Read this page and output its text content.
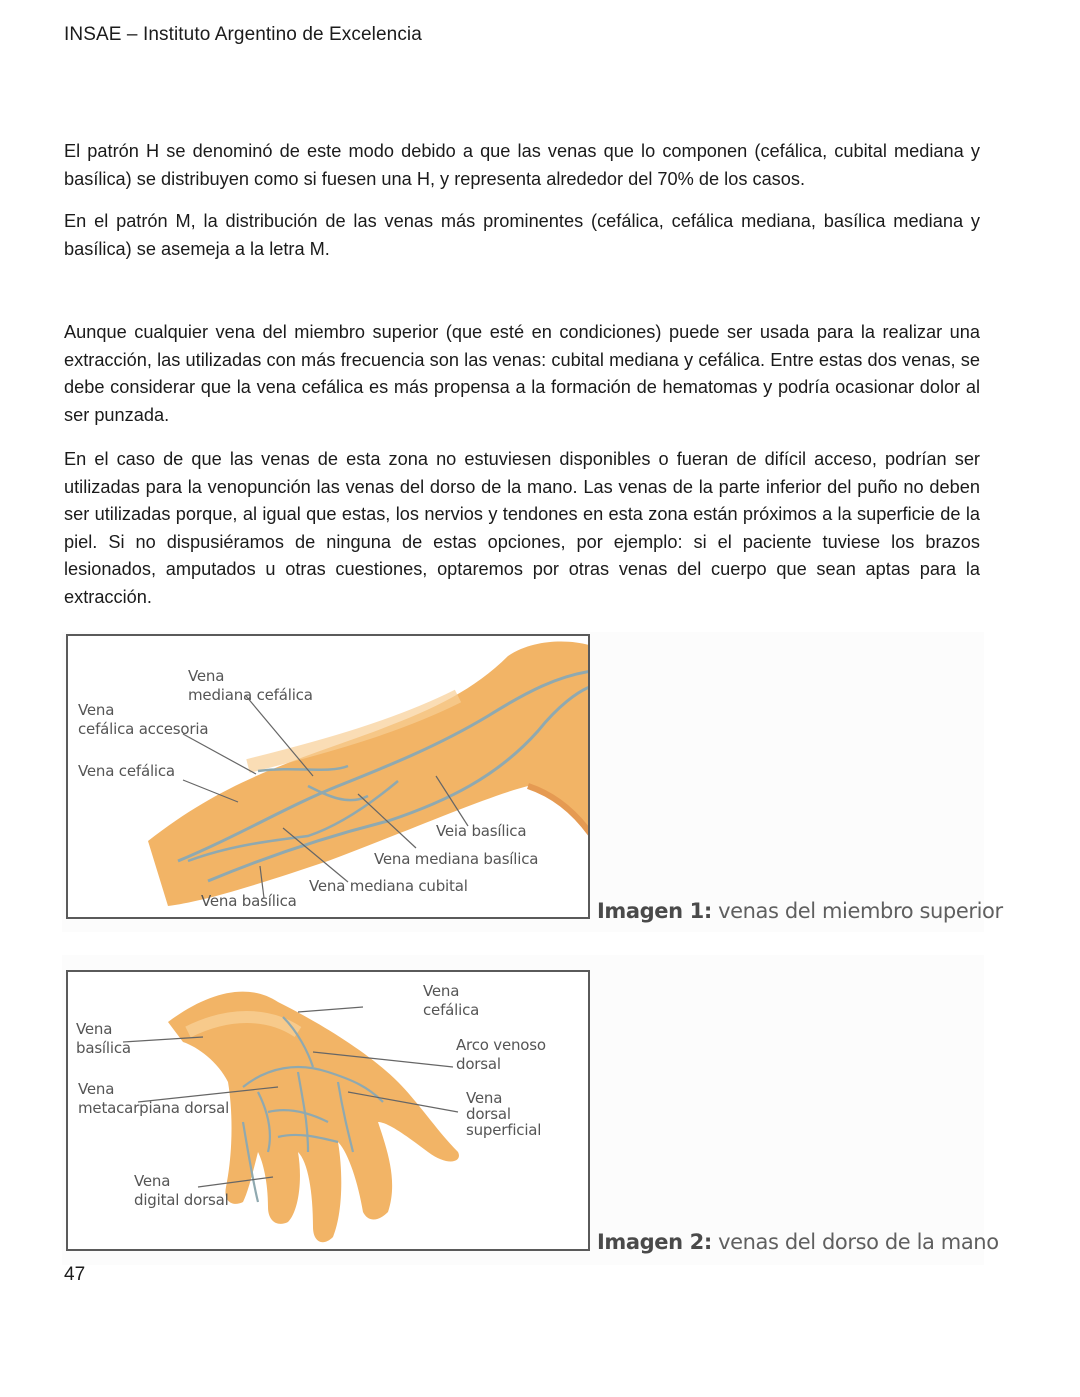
INSAE – Instituto Argentino de Excelencia

El patrón H se denominó de este modo debido a que las venas que lo componen (cefálica, cubital mediana y basílica) se distribuyen como si fuesen una H, y representa alrededor del 70% de los casos.

En el patrón M, la distribución de las venas más prominentes (cefálica, cefálica mediana, basílica mediana y basílica) se asemeja a la letra M.

Aunque cualquier vena del miembro superior (que esté en condiciones) puede ser usada para la realizar una extracción, las utilizadas con más frecuencia son las venas: cubital mediana y cefálica. Entre estas dos venas, se debe considerar que la vena cefálica es más propensa a la formación de hematomas y podría ocasionar dolor al ser punzada.

En el caso de que las venas de esta zona no estuviesen disponibles o fueran de difícil acceso, podrían ser utilizadas para la venopunción las venas del dorso de la mano. Las venas de la parte inferior del puño no deben ser utilizadas porque, al igual que estas, los nervios y tendones en esta zona están próximos a la superficie de la piel. Si no dispusiéramos de ninguna de estas opciones, por ejemplo: si el paciente tuviese los brazos lesionados, amputados u otras cuestiones, optaremos por otras venas del cuerpo que sean aptas para la extracción.

Vena
mediana cefálica
Vena
cefálica accesoria
Vena cefálica
Veia basílica
Vena mediana basílica
Vena mediana cubital
Vena basílica	Imagen 1: venas del miembro superior
Vena
cefálica
Vena
basílica	Arco venoso
dorsal
Vena
metacarpiana dorsal
Vena
dorsal
superficial
Vena
digital dorsal
Imagen 2: venas del dorso de la mano
47
